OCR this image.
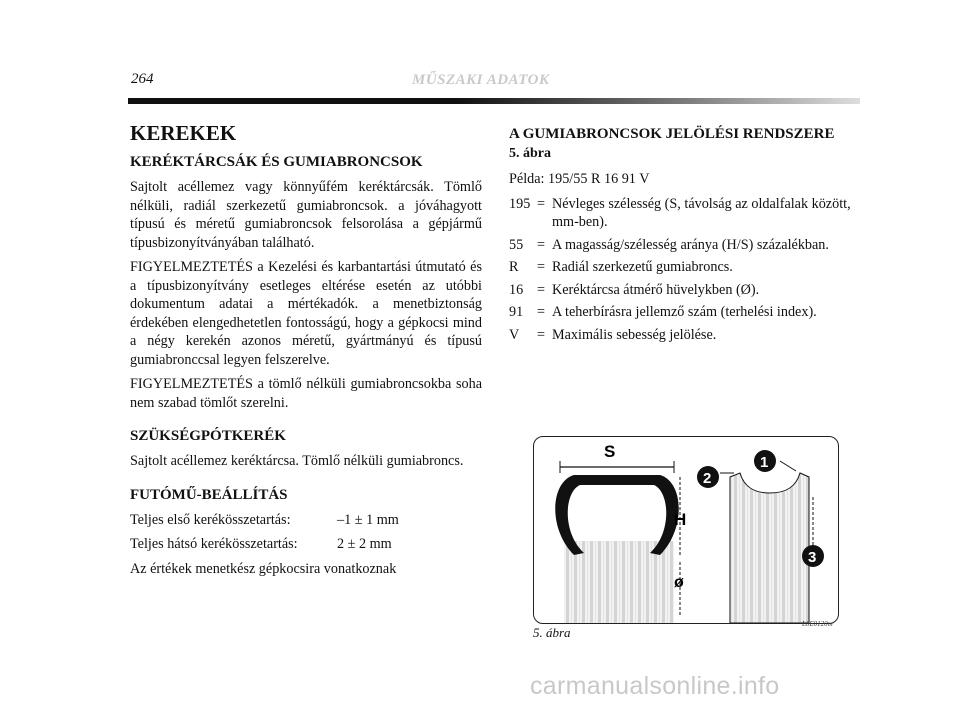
264	MŰSZAKI ADATOK
KEREKEK
KERÉKTÁRCSÁK ÉS GUMIABRONCSOK

Sajtolt acéllemez vagy könnyűfém keréktárcsák. Tömlő nélküli, radiál szerkezetű gumiabroncsok. a jóváhagyott típusú és méretű gumiabroncsok felsorolása a gépjármű típusbizonyítványában található.

FIGYELMEZTETÉS a Kezelési és karbantartási útmutató és a típusbizonyítvány esetleges eltérése esetén az utóbbi dokumentum adatai a mértékadók. a menetbiztonság érdekében elengedhetetlen fontosságú, hogy a gépkocsi mind a négy kerekén azonos méretű, gyártmányú és típusú gumiabronccsal legyen felszerelve.

FIGYELMEZTETÉS a tömlő nélküli gumiabroncsokba soha nem szabad tömlőt szerelni.

SZÜKSÉGPÓTKERÉK

Sajtolt acéllemez keréktárcsa. Tömlő nélküli gumiabroncs.

FUTÓMŰ-BEÁLLÍTÁS
Teljes első kerékösszetartás:	–1 ± 1 mm
Teljes hátsó kerékösszetartás:	2 ± 2 mm

Az értékek menetkész gépkocsira vonatkoznak

A GUMIABRONCSOK JELÖLÉSI RENDSZERE
5. ábra

Példa: 195/55 R 16 91 V

195 = Névleges szélesség (S, távolság az oldalfalak között, mm-ben).
55 = A magasság/szélesség aránya (H/S) százalékban.
R	= Radiál szerkezetű gumiabroncs.
16 = Keréktárcsa átmérő hüvelykben (Ø).
91 = A teherbírásra jellemző szám (terhelési index).
V	= Maximális sebesség jelölése.
S
H
ø
2
1
3
5. ábra
L0E0120m
carmanualsonline.info
